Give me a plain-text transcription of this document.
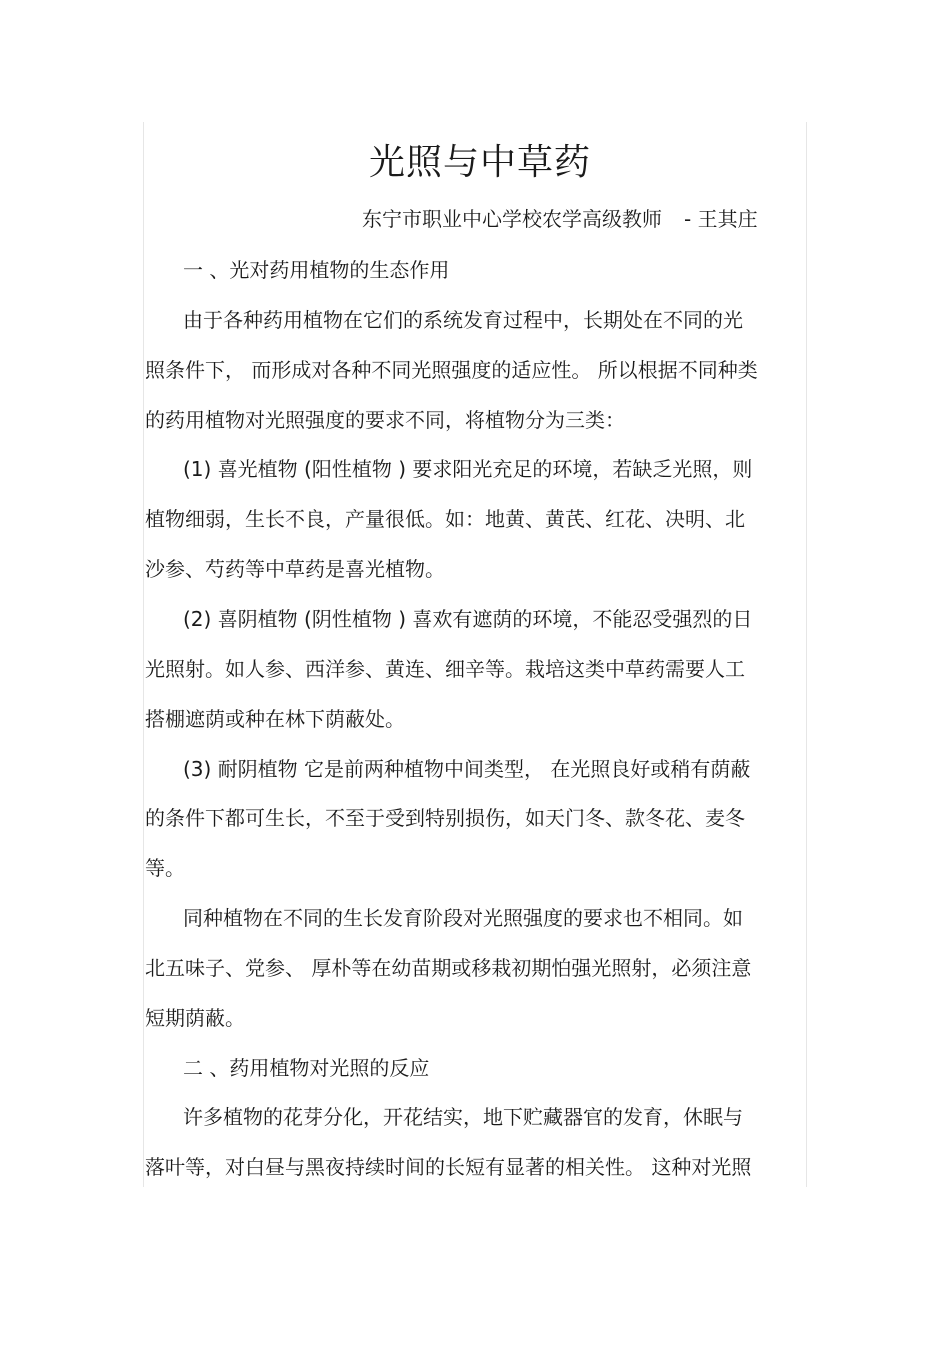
光照与中草药
东宁市职业中心学校农学高级教师 - 王其庄
一 、光对药用植物的生态作用
由于各种药用植物在它们的系统发育过程中，长期处在不同的光
照条件下， 而形成对各种不同光照强度的适应性。 所以根据不同种类
的药用植物对光照强度的要求不同，将植物分为三类：
(1) 喜光植物 (阳性植物 ) 要求阳光充足的环境，若缺乏光照，则
植物细弱，生长不良，产量很低。如：地黄、黄芪、红花、决明、北
沙参、芍药等中草药是喜光植物。
(2) 喜阴植物 (阴性植物 ) 喜欢有遮荫的环境，不能忍受强烈的日
光照射。如人参、西洋参、黄连、细辛等。栽培这类中草药需要人工
搭棚遮荫或种在林下荫蔽处。
(3) 耐阴植物 它是前两种植物中间类型， 在光照良好或稍有荫蔽
的条件下都可生长，不至于受到特别损伤，如天门冬、款冬花、麦冬
等。
同种植物在不同的生长发育阶段对光照强度的要求也不相同。如
北五味子、党参、 厚朴等在幼苗期或移栽初期怕强光照射，必须注意
短期荫蔽。
二 、药用植物对光照的反应
许多植物的花芽分化，开花结实，地下贮藏器官的发育，休眠与
落叶等，对白昼与黑夜持续时间的长短有显著的相关性。 这种对光照
